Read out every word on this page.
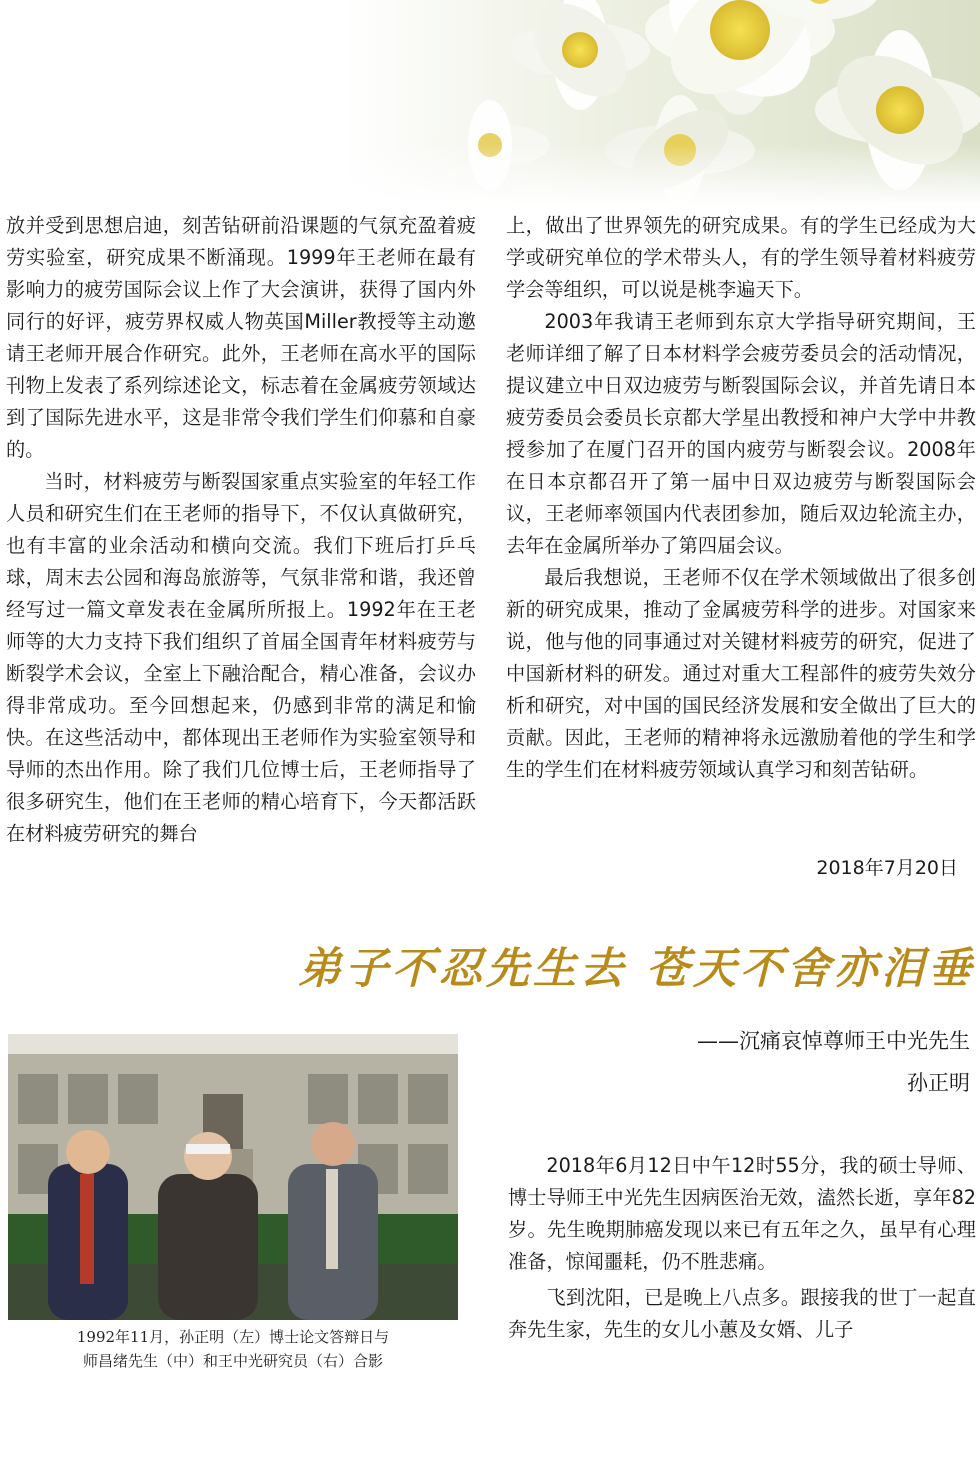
放并受到思想启迪，刻苦钻研前沿课题的气氛充盈着疲劳实验室，研究成果不断涌现。1999年王老师在最有影响力的疲劳国际会议上作了大会演讲，获得了国内外同行的好评，疲劳界权威人物英国Miller教授等主动邀请王老师开展合作研究。此外，王老师在高水平的国际刊物上发表了系列综述论文，标志着在金属疲劳领域达到了国际先进水平，这是非常令我们学生们仰慕和自豪的。

当时，材料疲劳与断裂国家重点实验室的年轻工作人员和研究生们在王老师的指导下，不仅认真做研究，也有丰富的业余活动和横向交流。我们下班后打乒乓球，周末去公园和海岛旅游等，气氛非常和谐，我还曾经写过一篇文章发表在金属所所报上。1992年在王老师等的大力支持下我们组织了首届全国青年材料疲劳与断裂学术会议，全室上下融洽配合，精心准备，会议办得非常成功。至今回想起来，仍感到非常的满足和愉快。在这些活动中，都体现出王老师作为实验室领导和导师的杰出作用。除了我们几位博士后，王老师指导了很多研究生，他们在王老师的精心培育下，今天都活跃在材料疲劳研究的舞台

上，做出了世界领先的研究成果。有的学生已经成为大学或研究单位的学术带头人，有的学生领导着材料疲劳学会等组织，可以说是桃李遍天下。

2003年我请王老师到东京大学指导研究期间，王老师详细了解了日本材料学会疲劳委员会的活动情况，提议建立中日双边疲劳与断裂国际会议，并首先请日本疲劳委员会委员长京都大学星出教授和神户大学中井教授参加了在厦门召开的国内疲劳与断裂会议。2008年在日本京都召开了第一届中日双边疲劳与断裂国际会议，王老师率领国内代表团参加，随后双边轮流主办，去年在金属所举办了第四届会议。

最后我想说，王老师不仅在学术领域做出了很多创新的研究成果，推动了金属疲劳科学的进步。对国家来说，他与他的同事通过对关键材料疲劳的研究，促进了中国新材料的研发。通过对重大工程部件的疲劳失效分析和研究，对中国的国民经济发展和安全做出了巨大的贡献。因此，王老师的精神将永远激励着他的学生和学生的学生们在材料疲劳领域认真学习和刻苦钻研。

2018年7月20日
弟子不忍先生去 苍天不舍亦泪垂
——沉痛哀悼尊师王中光先生
孙正明
1992年11月，孙正明（左）博士论文答辩日与
师昌绪先生（中）和王中光研究员（右）合影

2018年6月12日中午12时55分，我的硕士导师、博士导师王中光先生因病医治无效，溘然长逝，享年82岁。先生晚期肺癌发现以来已有五年之久，虽早有心理准备，惊闻噩耗，仍不胜悲痛。

飞到沈阳，已是晚上八点多。跟接我的世丁一起直奔先生家，先生的女儿小蕙及女婿、儿子
